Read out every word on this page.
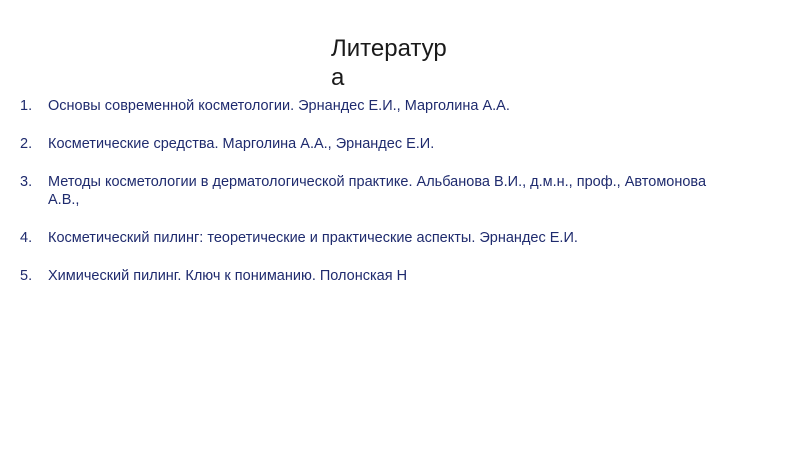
Литератур
а
1.	Основы современной косметологии. Эрнандес Е.И., Марголина А.А.
2.	Косметические средства. Марголина А.А., Эрнандес Е.И.
3.	Методы косметологии в дерматологической практике. Альбанова В.И., д.м.н., проф., Автомонова А.В.,
4.	Косметический пилинг: теоретические и практические аспекты. Эрнандес Е.И.
5.	Химический пилинг. Ключ к пониманию. Полонская Н
